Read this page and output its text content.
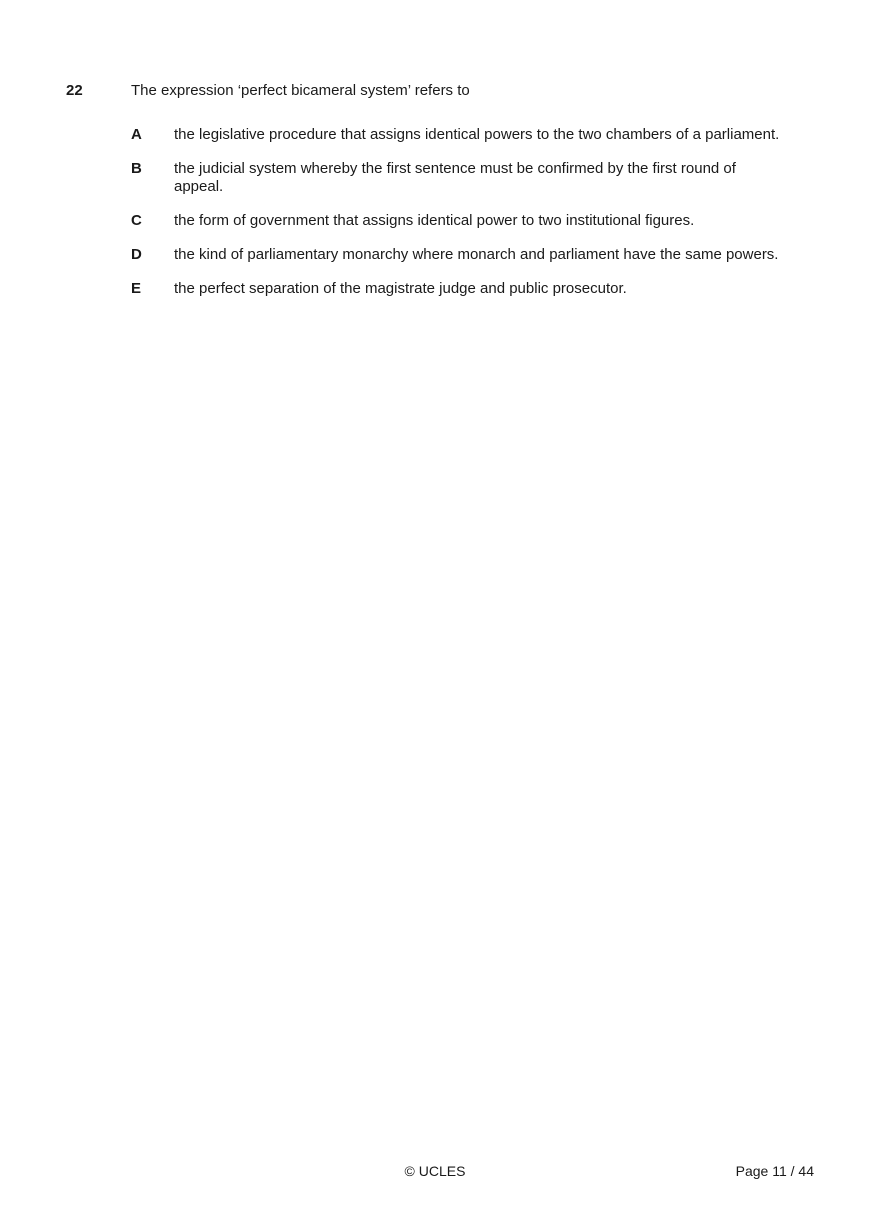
22	The expression ‘perfect bicameral system’ refers to
A	the legislative procedure that assigns identical powers to the two chambers of a parliament.
B	the judicial system whereby the first sentence must be confirmed by the first round of appeal.
C	the form of government that assigns identical power to two institutional figures.
D	the kind of parliamentary monarchy where monarch and parliament have the same powers.
E	the perfect separation of the magistrate judge and public prosecutor.
© UCLES	Page 11 / 44
